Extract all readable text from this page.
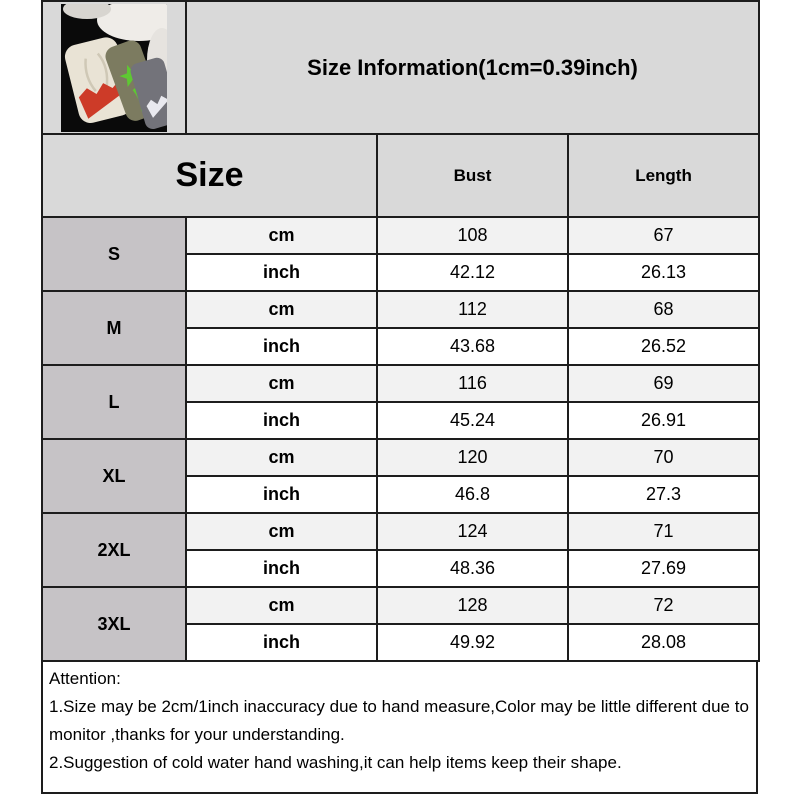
	Size Information(1cm=0.39inch)		
Size		Bust	Length
S	cm	108	67
	inch	42.12	26.13
M	cm	112	68
	inch	43.68	26.52
L	cm	116	69
	inch	45.24	26.91
XL	cm	120	70
	inch	46.8	27.3
2XL	cm	124	71
	inch	48.36	27.69
3XL	cm	128	72
	inch	49.92	28.08
Attention:
1.Size may be 2cm/1inch inaccuracy due to hand measure,Color may be little different due to monitor ,thanks for your understanding.
2.Suggestion of cold water hand washing,it can help items keep their shape.
